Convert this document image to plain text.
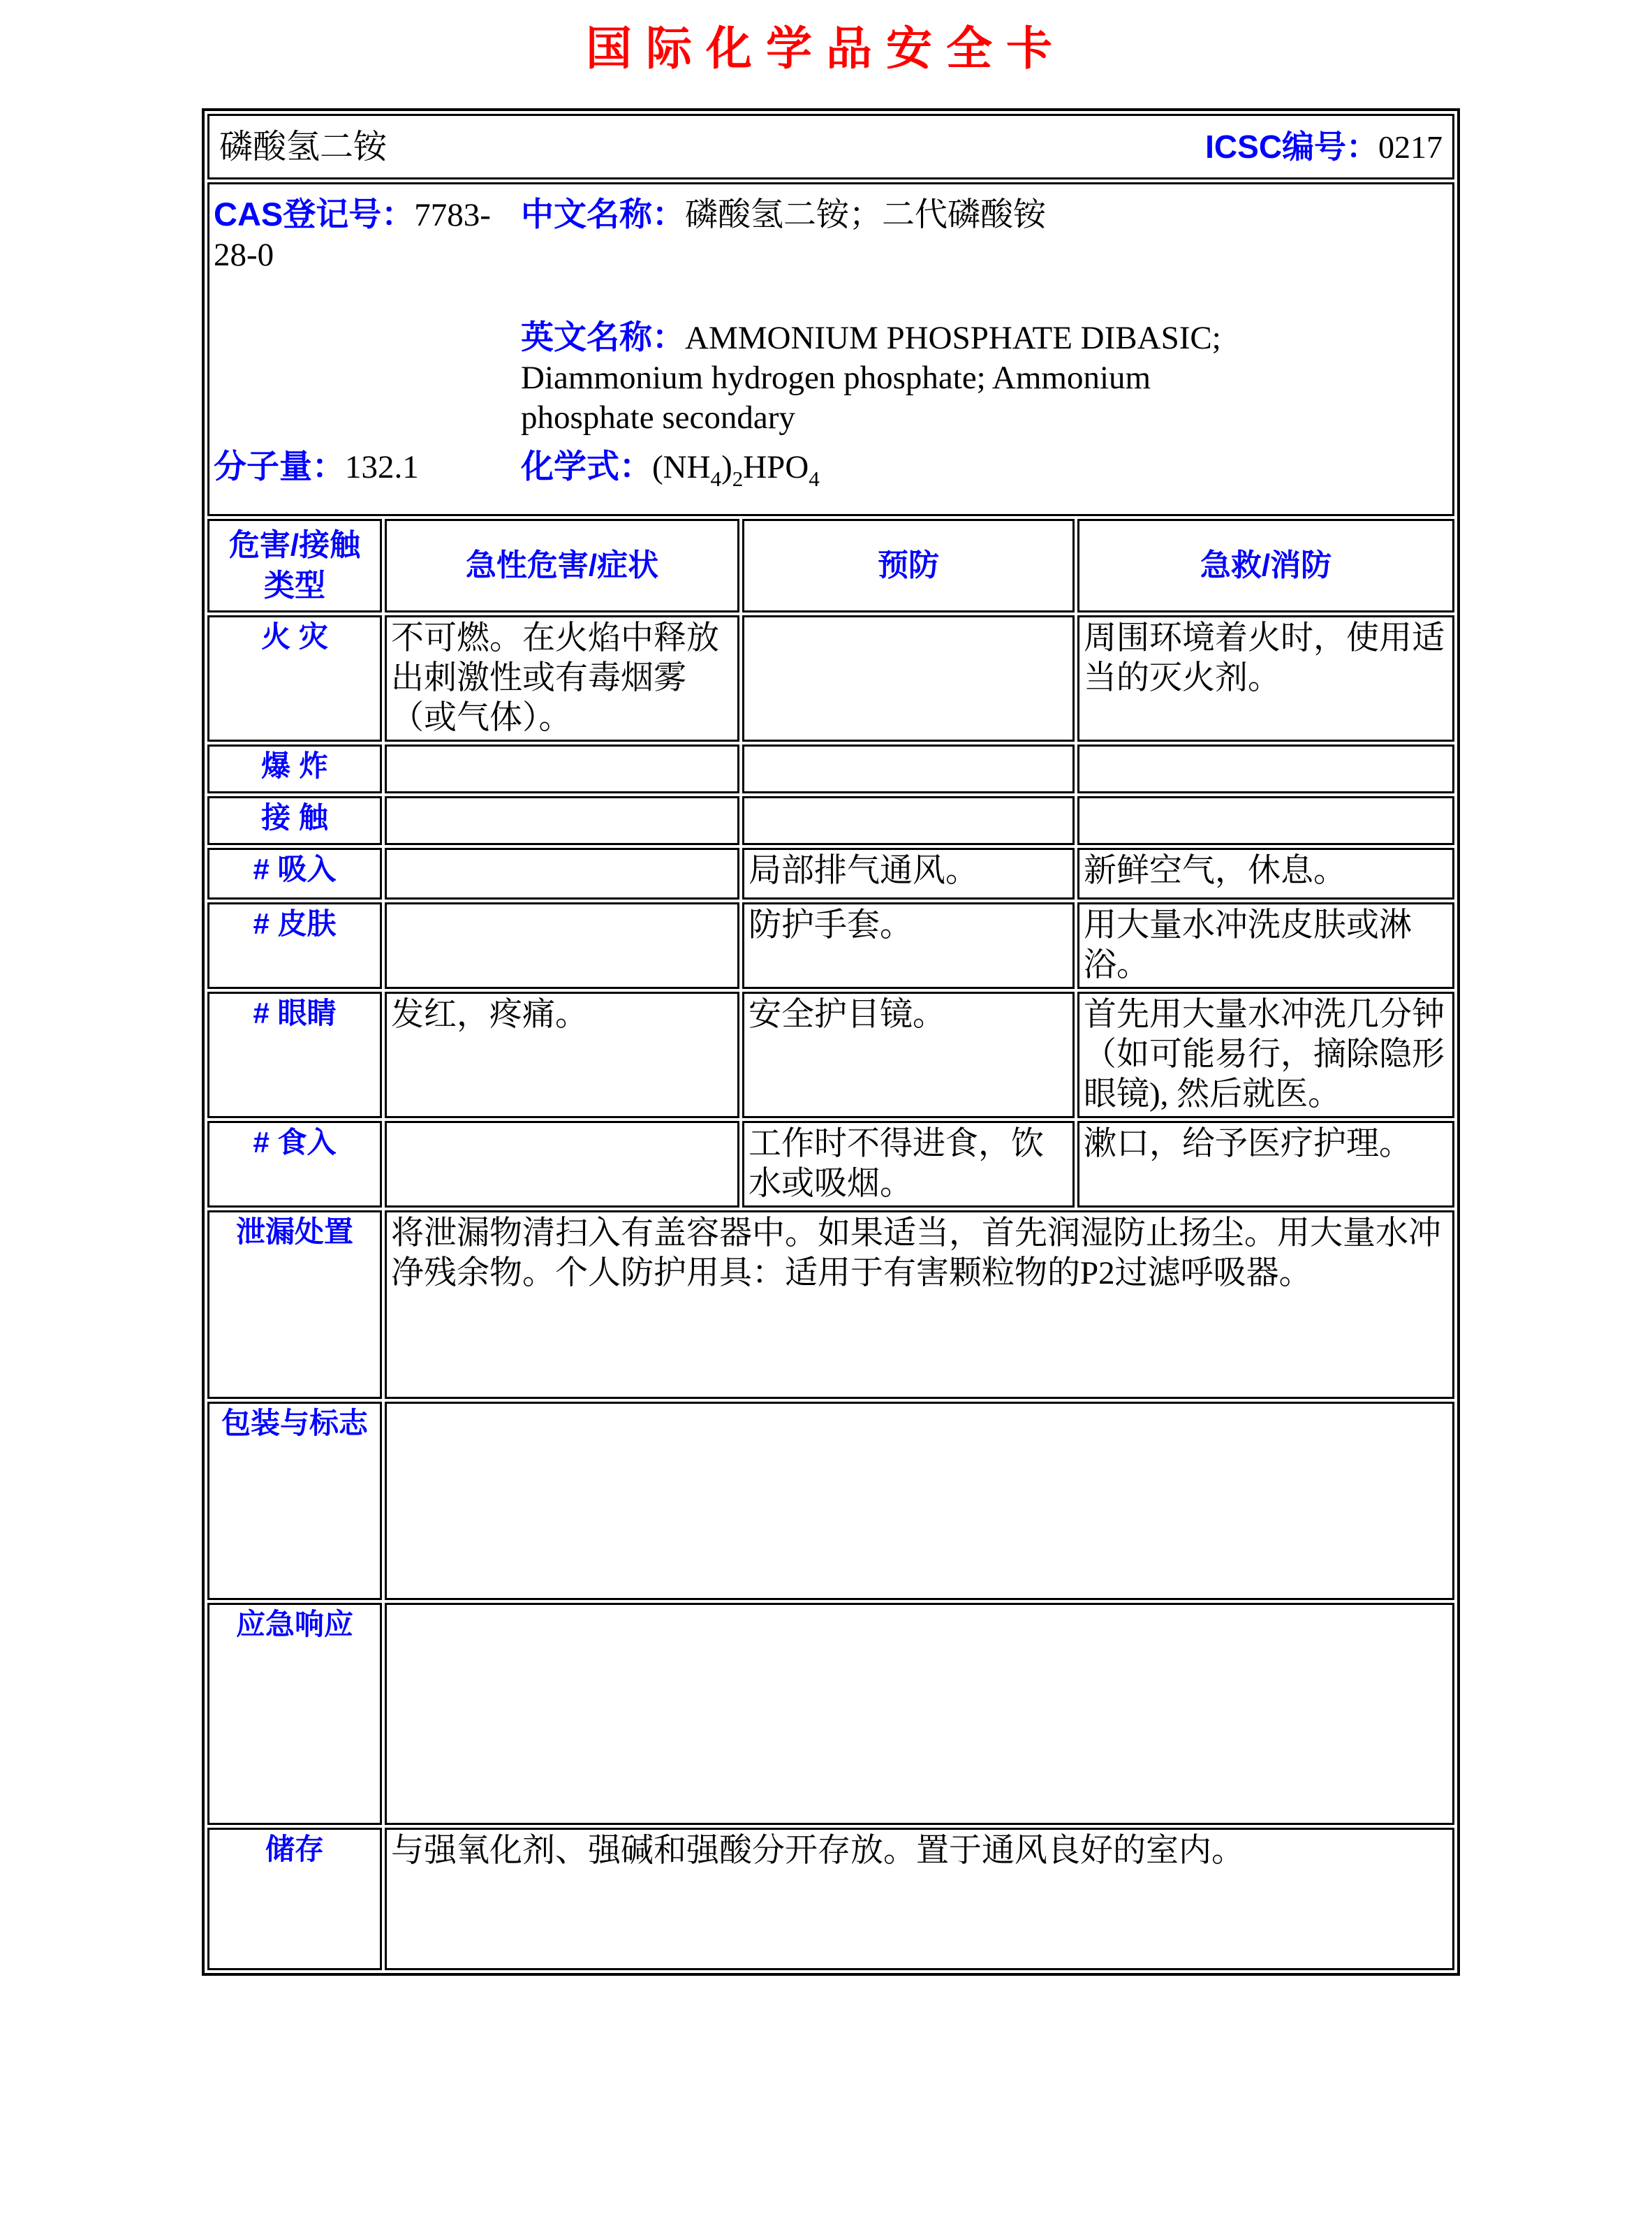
国际化学品安全卡
磷酸氢二铵 ICSC编号：0217			

CAS登记号：7783-28-0
中文名称：磷酸氢二铵；二代磷酸铵
英文名称：AMMONIUM PHOSPHATE DIBASIC; Diammonium hydrogen phosphate; Ammonium phosphate secondary
分子量：132.1 化学式：$(NH_4)_2HPO_4$

危害/接触类型	急性危害/症状	预防	急救/消防

火 灾	不可燃。在火焰中释放出刺激性或有毒烟雾（或气体）。		周围环境着火时，使用适当的灭火剂。

爆 炸			

接 触			

# 吸入		局部排气通风。	新鲜空气，休息。

# 皮肤		防护手套。	用大量水冲洗皮肤或淋浴。

# 眼睛	发红，疼痛。	安全护目镜。	首先用大量水冲洗几分钟（如可能易行，摘除隐形眼镜), 然后就医。

# 食入		工作时不得进食，饮水或吸烟。	漱口，给予医疗护理。

泄漏处置	将泄漏物清扫入有盖容器中。如果适当，首先润湿防止扬尘。用大量水冲净残余物。个人防护用具：适用于有害颗粒物的P2过滤呼吸器。		

包装与标志			

应急响应			

储存	与强氧化剂、强碱和强酸分开存放。置于通风良好的室内。		
